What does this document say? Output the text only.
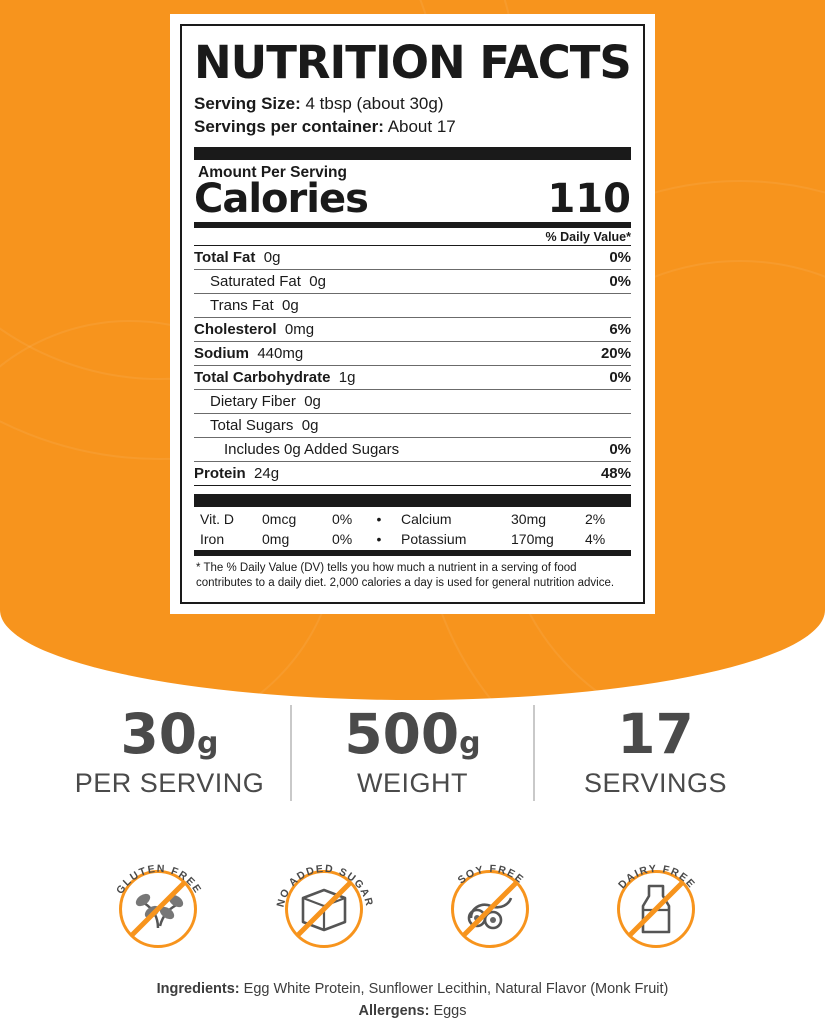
NUTRITION FACTS
Serving Size: 4 tbsp (about 30g)
Servings per container: About 17
Amount Per Serving
Calories	110
% Daily Value*
Total Fat  0g	0%
Saturated Fat  0g	0%
Trans Fat  0g
Cholesterol  0mg	6%
Sodium  440mg	20%
Total Carbohydrate  1g	0%
Dietary Fiber  0g
Total Sugars  0g
Includes 0g Added Sugars	0%
Protein  24g	48%
Vit. D	0mcg	0%	•	Calcium	30mg	2%
Iron	0mg	0%	•	Potassium	170mg	4%
* The % Daily Value (DV) tells you how much a nutrient in a serving of food contributes to a daily diet. 2,000 calories a day is used for general nutrition advice.
30g
PER SERVING
500g
WEIGHT
17
SERVINGS
GLUTEN FREE
NO ADDED SUGAR
SOY FREE	DAIRY FREE
Ingredients: Egg White Protein, Sunflower Lecithin, Natural Flavor (Monk Fruit)
Allergens: Eggs
